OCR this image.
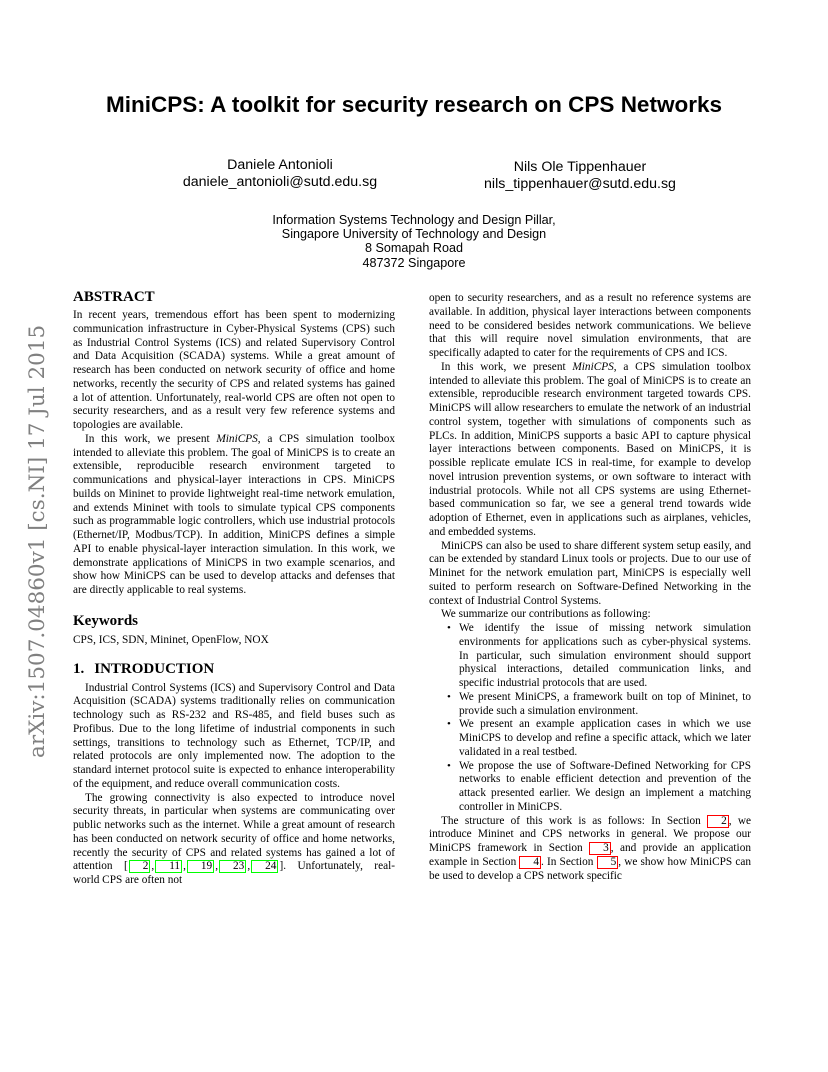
MiniCPS: A toolkit for security research on CPS Networks
Daniele Antonioli
daniele_antonioli@sutd.edu.sg
Nils Ole Tippenhauer
nils_tippenhauer@sutd.edu.sg
Information Systems Technology and Design Pillar,
Singapore University of Technology and Design
8 Somapah Road
487372 Singapore
arXiv:1507.04860v1 [cs.NI] 17 Jul 2015
ABSTRACT

In recent years, tremendous effort has been spent to modernizing communication infrastructure in Cyber-Physical Systems (CPS) such as Industrial Control Systems (ICS) and related Supervisory Control and Data Acquisition (SCADA) systems. While a great amount of research has been conducted on network security of office and home networks, recently the security of CPS and related systems has gained a lot of attention. Unfortunately, real-world CPS are often not open to security researchers, and as a result very few reference systems and topologies are available.

In this work, we present MiniCPS, a CPS simulation toolbox intended to alleviate this problem. The goal of MiniCPS is to create an extensible, reproducible research environment targeted to communications and physical-layer interactions in CPS. MiniCPS builds on Mininet to provide lightweight real-time network emulation, and extends Mininet with tools to simulate typical CPS components such as programmable logic controllers, which use industrial protocols (Ethernet/IP, Modbus/TCP). In addition, MiniCPS defines a simple API to enable physical-layer interaction simulation. In this work, we demonstrate applications of MiniCPS in two example scenarios, and show how MiniCPS can be used to develop attacks and defenses that are directly applicable to real systems.

Keywords

CPS, ICS, SDN, Mininet, OpenFlow, NOX

1. INTRODUCTION

Industrial Control Systems (ICS) and Supervisory Control and Data Acquisition (SCADA) systems traditionally relies on communication technology such as RS-232 and RS-485, and field buses such as Profibus. Due to the long lifetime of industrial components in such settings, transitions to technology such as Ethernet, TCP/IP, and related protocols are only implemented now. The adoption to the standard internet protocol suite is expected to enhance interoperability of the equipment, and reduce overall communication costs.

The growing connectivity is also expected to introduce novel security threats, in particular when systems are communicating over public networks such as the internet. While a great amount of research has been conducted on network security of office and home networks, recently the security of CPS and related systems has gained a lot of attention [ 2 , 11 , 19 , 23 , 24 ]. Unfortunately, real-world CPS are often not

open to security researchers, and as a result no reference systems are available. In addition, physical layer interactions between components need to be considered besides network communications. We believe that this will require novel simulation environments, that are specifically adapted to cater for the requirements of CPS and ICS.

In this work, we present MiniCPS, a CPS simulation toolbox intended to alleviate this problem. The goal of MiniCPS is to create an extensible, reproducible research environment targeted towards CPS. MiniCPS will allow researchers to emulate the network of an industrial control system, together with simulations of components such as PLCs. In addition, MiniCPS supports a basic API to capture physical layer interactions between components. Based on MiniCPS, it is possible replicate emulate ICS in real-time, for example to develop novel intrusion prevention systems, or own software to interact with industrial protocols. While not all CPS systems are using Ethernet-based communication so far, we see a general trend towards wide adoption of Ethernet, even in applications such as airplanes, vehicles, and embedded systems.

MiniCPS can also be used to share different system setup easily, and can be extended by standard Linux tools or projects. Due to our use of Mininet for the network emulation part, MiniCPS is especially well suited to perform research on Software-Defined Networking in the context of Industrial Control Systems.

We summarize our contributions as following:

• We identify the issue of missing network simulation environments for applications such as cyber-physical systems. In particular, such simulation environment should support physical interactions, detailed communication links, and specific industrial protocols that are used.
• We present MiniCPS, a framework built on top of Mininet, to provide such a simulation environment.
• We present an example application cases in which we use MiniCPS to develop and refine a specific attack, which we later validated in a real testbed.
• We propose the use of Software-Defined Networking for CPS networks to enable efficient detection and prevention of the attack presented earlier. We design an implement a matching controller in MiniCPS.

The structure of this work is as follows: In Section 2 , we introduce Mininet and CPS networks in general. We propose our MiniCPS framework in Section 3 , and provide an application example in Section 4 . In Section 5 , we show how MiniCPS can be used to develop a CPS network specific
